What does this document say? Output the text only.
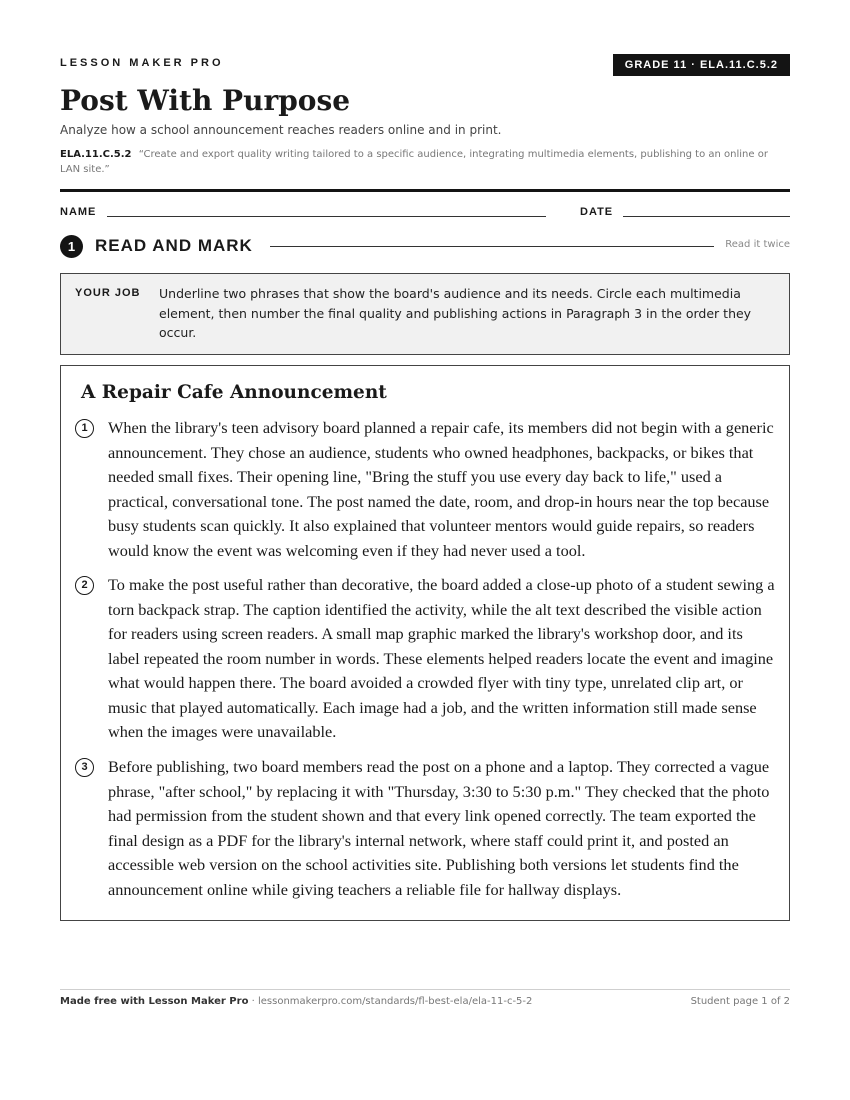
LESSON MAKER PRO	GRADE 11 · ELA.11.C.5.2
Post With Purpose
Analyze how a school announcement reaches readers online and in print.
ELA.11.C.5.2 “Create and export quality writing tailored to a specific audience, integrating multimedia elements, publishing to an online or LAN site.”
NAME	DATE
1	READ AND MARK	Read it twice
YOUR JOB Underline two phrases that show the board's audience and its needs. Circle each multimedia element, then number the final quality and publishing actions in Paragraph 3 in the order they occur.
A Repair Cafe Announcement
1	When the library's teen advisory board planned a repair cafe, its members did not begin with a generic announcement. They chose an audience, students who owned headphones, backpacks, or bikes that needed small fixes. Their opening line, "Bring the stuff you use every day back to life," used a practical, conversational tone. The post named the date, room, and drop-in hours near the top because busy students scan quickly. It also explained that volunteer mentors would guide repairs, so readers would know the event was welcoming even if they had never used a tool.

2	To make the post useful rather than decorative, the board added a close-up photo of a student sewing a torn backpack strap. The caption identified the activity, while the alt text described the visible action for readers using screen readers. A small map graphic marked the library's workshop door, and its label repeated the room number in words. These elements helped readers locate the event and imagine what would happen there. The board avoided a crowded flyer with tiny type, unrelated clip art, or music that played automatically. Each image had a job, and the written information still made sense when the images were unavailable.

3	Before publishing, two board members read the post on a phone and a laptop. They corrected a vague phrase, "after school," by replacing it with "Thursday, 3:30 to 5:30 p.m." They checked that the photo had permission from the student shown and that every link opened correctly. The team exported the final design as a PDF for the library's internal network, where staff could print it, and posted an accessible web version on the school activities site. Publishing both versions let students find the announcement online while giving teachers a reliable file for hallway displays.

Made free with Lesson Maker Pro · lessonmakerpro.com/standards/fl-best-ela/ela-11-c-5-2	Student page 1 of 2
